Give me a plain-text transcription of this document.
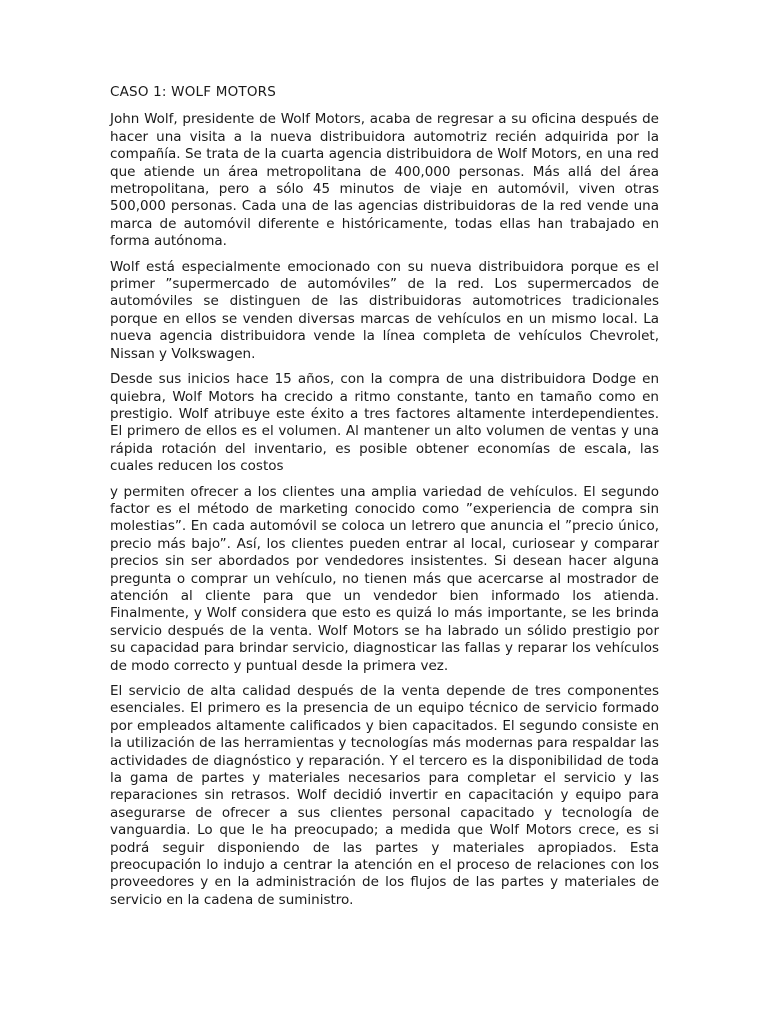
CASO 1: WOLF MOTORS

John Wolf, presidente de Wolf Motors, acaba de regresar a su oficina después de hacer una visita a la nueva distribuidora automotriz recién adquirida por la compañía. Se trata de la cuarta agencia distribuidora de Wolf Motors, en una red que atiende un área metropolitana de 400,000 personas. Más allá del área metropolitana, pero a sólo 45 minutos de viaje en automóvil, viven otras 500,000 personas. Cada una de las agencias distribuidoras de la red vende una marca de automóvil diferente e históricamente, todas ellas han trabajado en forma autónoma.

Wolf está especialmente emocionado con su nueva distribuidora porque es el primer ”supermercado de automóviles” de la red. Los supermercados de automóviles se distinguen de las distribuidoras automotrices tradicionales porque en ellos se venden diversas marcas de vehículos en un mismo local. La nueva agencia distribuidora vende la línea completa de vehículos Chevrolet, Nissan y Volkswagen.

Desde sus inicios hace 15 años, con la compra de una distribuidora Dodge en quiebra, Wolf Motors ha crecido a ritmo constante, tanto en tamaño como en prestigio. Wolf atribuye este éxito a tres factores altamente interdependientes. El primero de ellos es el volumen. Al mantener un alto volumen de ventas y una rápida rotación del inventario, es posible obtener economías de escala, las cuales reducen los costos

y permiten ofrecer a los clientes una amplia variedad de vehículos. El segundo factor es el método de marketing conocido como ”experiencia de compra sin molestias”. En cada automóvil se coloca un letrero que anuncia el ”precio único, precio más bajo”. Así, los clientes pueden entrar al local, curiosear y comparar precios sin ser abordados por vendedores insistentes. Si desean hacer alguna pregunta o comprar un vehículo, no tienen más que acercarse al mostrador de atención al cliente para que un vendedor bien informado los atienda. Finalmente, y Wolf considera que esto es quizá lo más importante, se les brinda servicio después de la venta. Wolf Motors se ha labrado un sólido prestigio por su capacidad para brindar servicio, diagnosticar las fallas y reparar los vehículos de modo correcto y puntual desde la primera vez.

El servicio de alta calidad después de la venta depende de tres componentes esenciales. El primero es la presencia de un equipo técnico de servicio formado por empleados altamente calificados y bien capacitados. El segundo consiste en la utilización de las herramientas y tecnologías más modernas para respaldar las actividades de diagnóstico y reparación. Y el tercero es la disponibilidad de toda la gama de partes y materiales necesarios para completar el servicio y las reparaciones sin retrasos. Wolf decidió invertir en capacitación y equipo para asegurarse de ofrecer a sus clientes personal capacitado y tecnología de vanguardia. Lo que le ha preocupado; a medida que Wolf Motors crece, es si podrá seguir disponiendo de las partes y materiales apropiados. Esta preocupación lo indujo a centrar la atención en el proceso de relaciones con los proveedores y en la administración de los flujos de las partes y materiales de servicio en la cadena de suministro.
